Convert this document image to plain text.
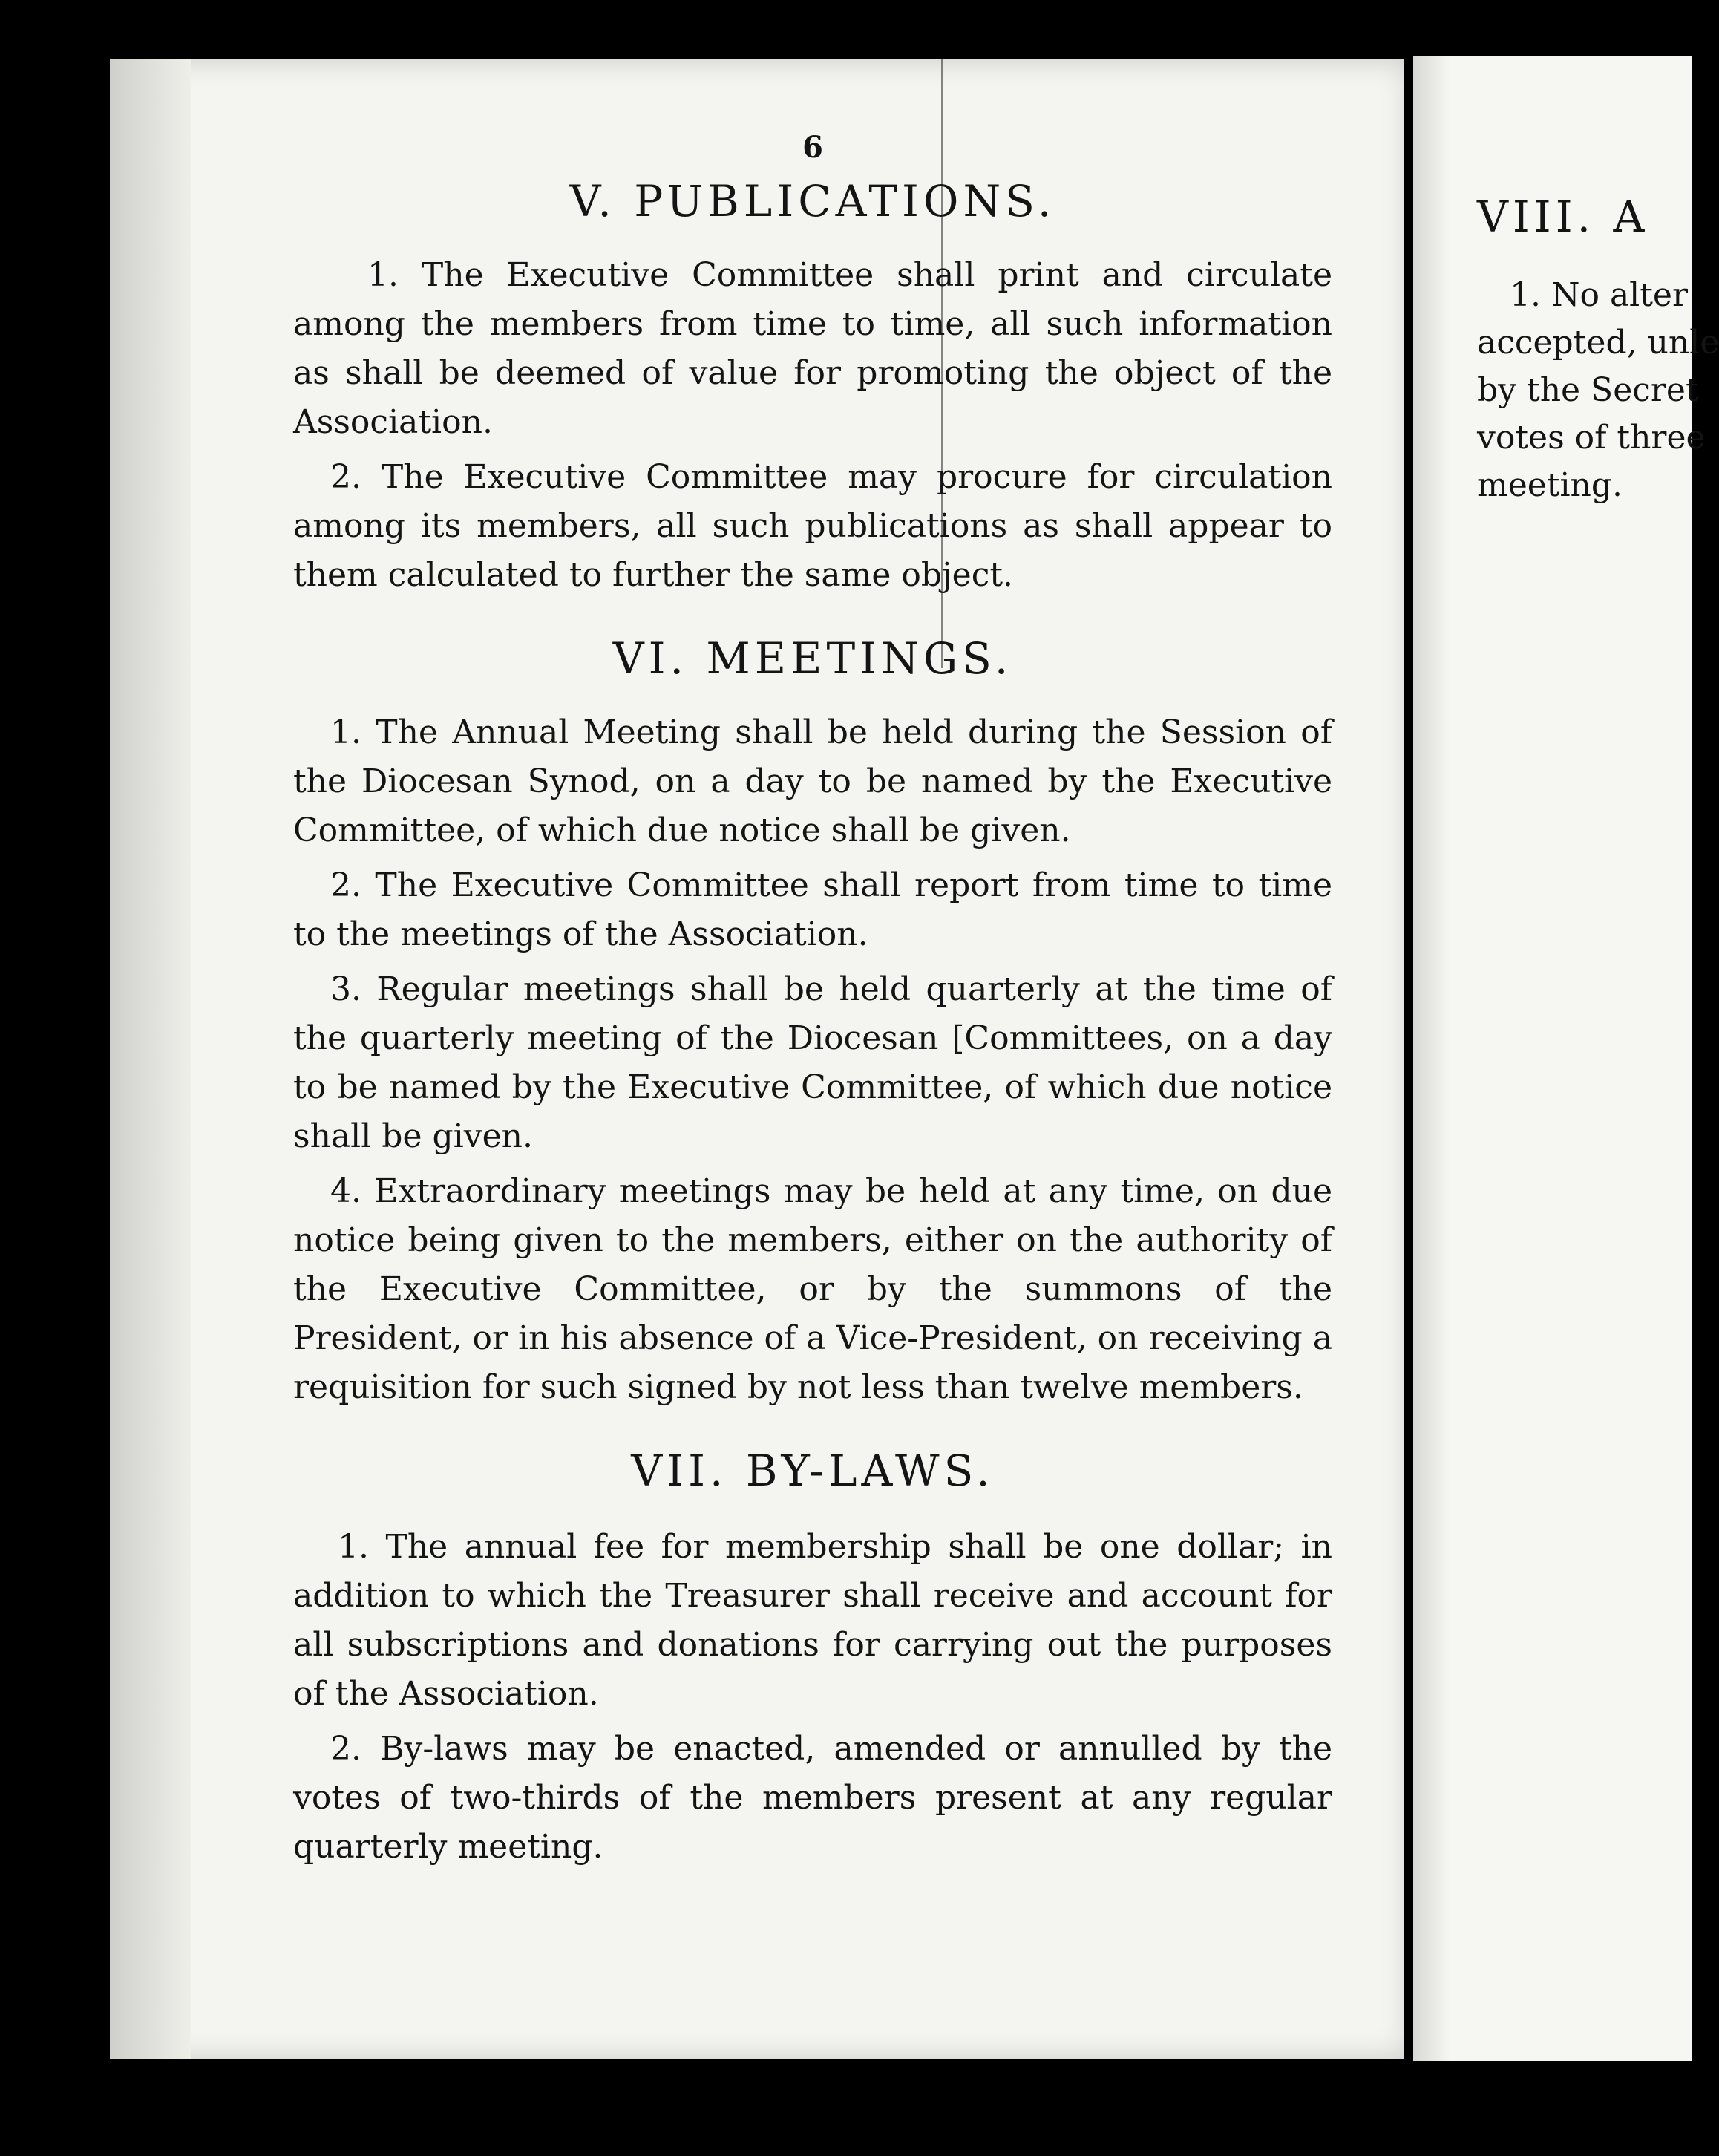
6
V. PUBLICATIONS.

1. The Executive Committee shall print and circulate among the members from time to time, all such information as shall be deemed of value for promoting the object of the Association.

2. The Executive Committee may procure for circulation among its members, all such publications as shall appear to them calculated to further the same object.

VI. MEETINGS.

1. The Annual Meeting shall be held during the Session of the Diocesan Synod, on a day to be named by the Executive Committee, of which due notice shall be given.

2. The Executive Committee shall report from time to time to the meetings of the Association.

3. Regular meetings shall be held quarterly at the time of the quarterly meeting of the Diocesan [Committees, on a day to be named by the Executive Committee, of which due notice shall be given.

4. Extraordinary meetings may be held at any time, on due notice being given to the members, either on the authority of the Executive Committee, or by the summons of the President, or in his absence of a Vice-President, on receiving a requisition for such signed by not less than twelve members.

VII. BY-LAWS.

1. The annual fee for membership shall be one dollar; in addition to which the Treasurer shall receive and account for all subscriptions and donations for carrying out the purposes of the Association.

2. By-laws may be enacted, amended or annulled by the votes of two-thirds of the members present at any regular quarterly meeting.

VIII. A
1. No alter
accepted, unle
by the Secret
votes of three
meeting.
